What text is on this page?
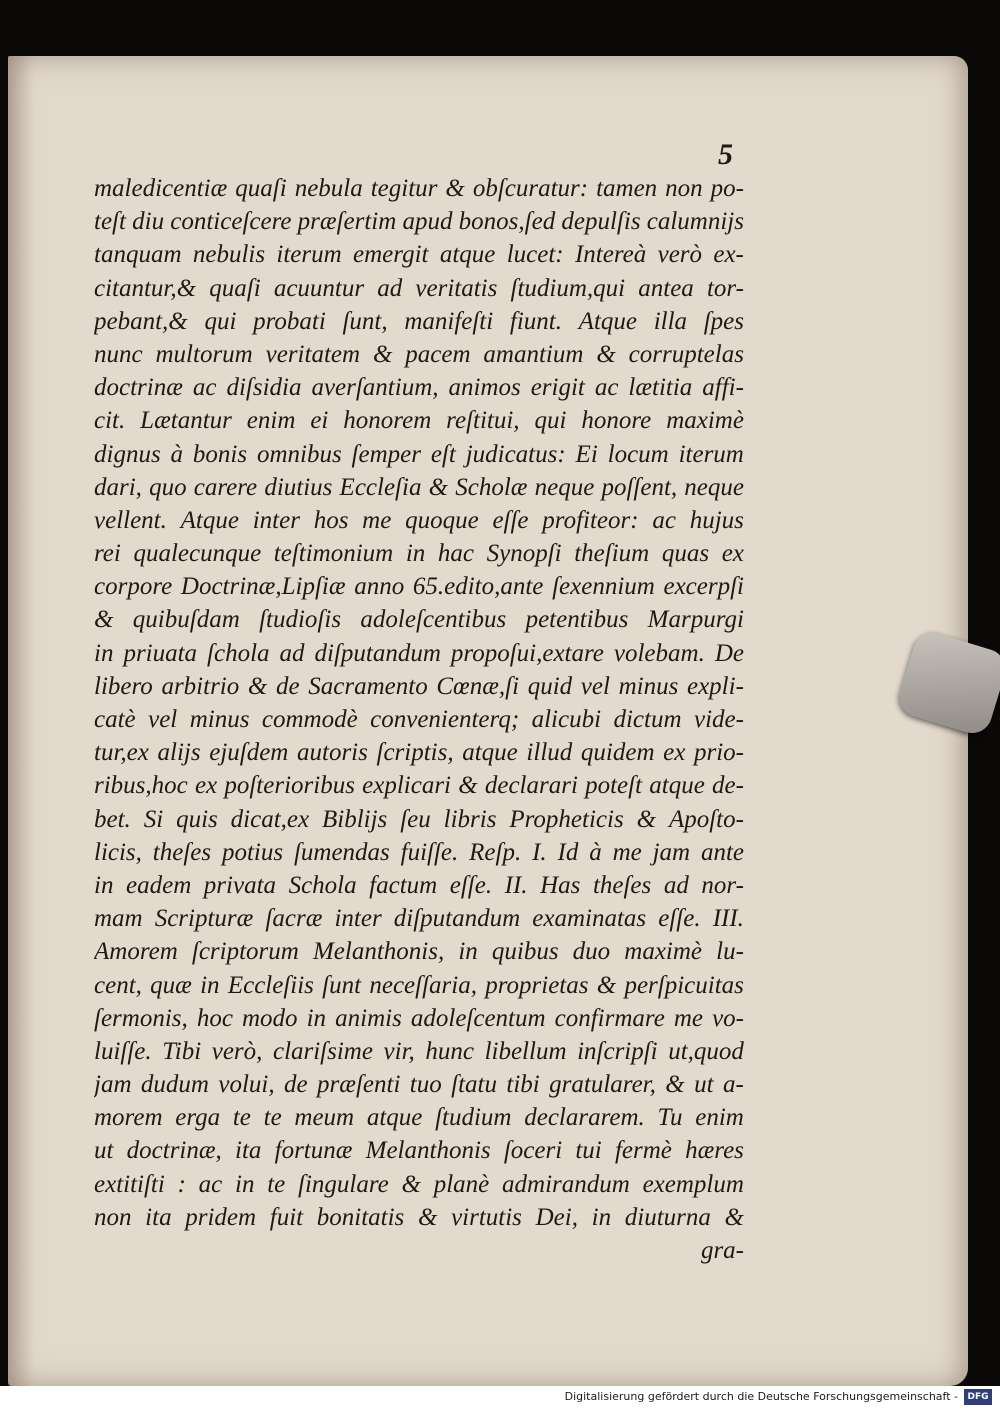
5
maledicentiæ quaſi nebula tegitur & obſcuratur: tamen non po-
teſt diu conticeſcere præſertim apud bonos,ſed depulſis calumnijs
tanquam nebulis iterum emergit atque lucet: Intereà verò ex-
citantur,& quaſi acuuntur ad veritatis ſtudium,qui antea tor-
pebant,& qui probati ſunt, manifeſti fiunt. Atque illa ſpes
nunc multorum veritatem & pacem amantium & corruptelas
doctrinæ ac diſsidia averſantium, animos erigit ac lætitia affi-
cit. Lætantur enim ei honorem reſtitui, qui honore maximè
dignus à bonis omnibus ſemper eſt judicatus: Ei locum iterum
dari, quo carere diutius Eccleſia & Scholæ neque poſſent, neque
vellent. Atque inter hos me quoque eſſe profiteor: ac hujus
rei qualecunque teſtimonium in hac Synopſi theſium quas ex
corpore Doctrinæ,Lipſiæ anno 65.edito,ante ſexennium excerpſi
& quibuſdam ſtudioſis adoleſcentibus petentibus Marpurgi
in priuata ſchola ad diſputandum propoſui,extare volebam. De
libero arbitrio & de Sacramento Cœnæ,ſi quid vel minus expli-
catè vel minus commodè convenienterq; alicubi dictum vide-
tur,ex alijs ejuſdem autoris ſcriptis, atque illud quidem ex prio-
ribus,hoc ex poſterioribus explicari & declarari poteſt atque de-
bet. Si quis dicat,ex Biblijs ſeu libris Propheticis & Apoſto-
licis, theſes potius ſumendas fuiſſe. Reſp. I. Id à me jam ante
in eadem privata Schola factum eſſe. II. Has theſes ad nor-
mam Scripturæ ſacræ inter diſputandum examinatas eſſe. III.
Amorem ſcriptorum Melanthonis, in quibus duo maximè lu-
cent, quæ in Eccleſiis ſunt neceſſaria, proprietas & perſpicuitas
ſermonis, hoc modo in animis adoleſcentum confirmare me vo-
luiſſe. Tibi verò, clariſsime vir, hunc libellum inſcripſi ut,quod
jam dudum volui, de præſenti tuo ſtatu tibi gratularer, & ut a-
morem erga te te meum atque ſtudium declararem. Tu enim
ut doctrinæ, ita fortunæ Melanthonis ſoceri tui fermè hæres
extitiſti : ac in te ſingulare & planè admirandum exemplum
non ita pridem fuit bonitatis & virtutis Dei, in diuturna &
gra-
Digitalisierung gefördert durch die Deutsche Forschungsgemeinschaft -	DFG
